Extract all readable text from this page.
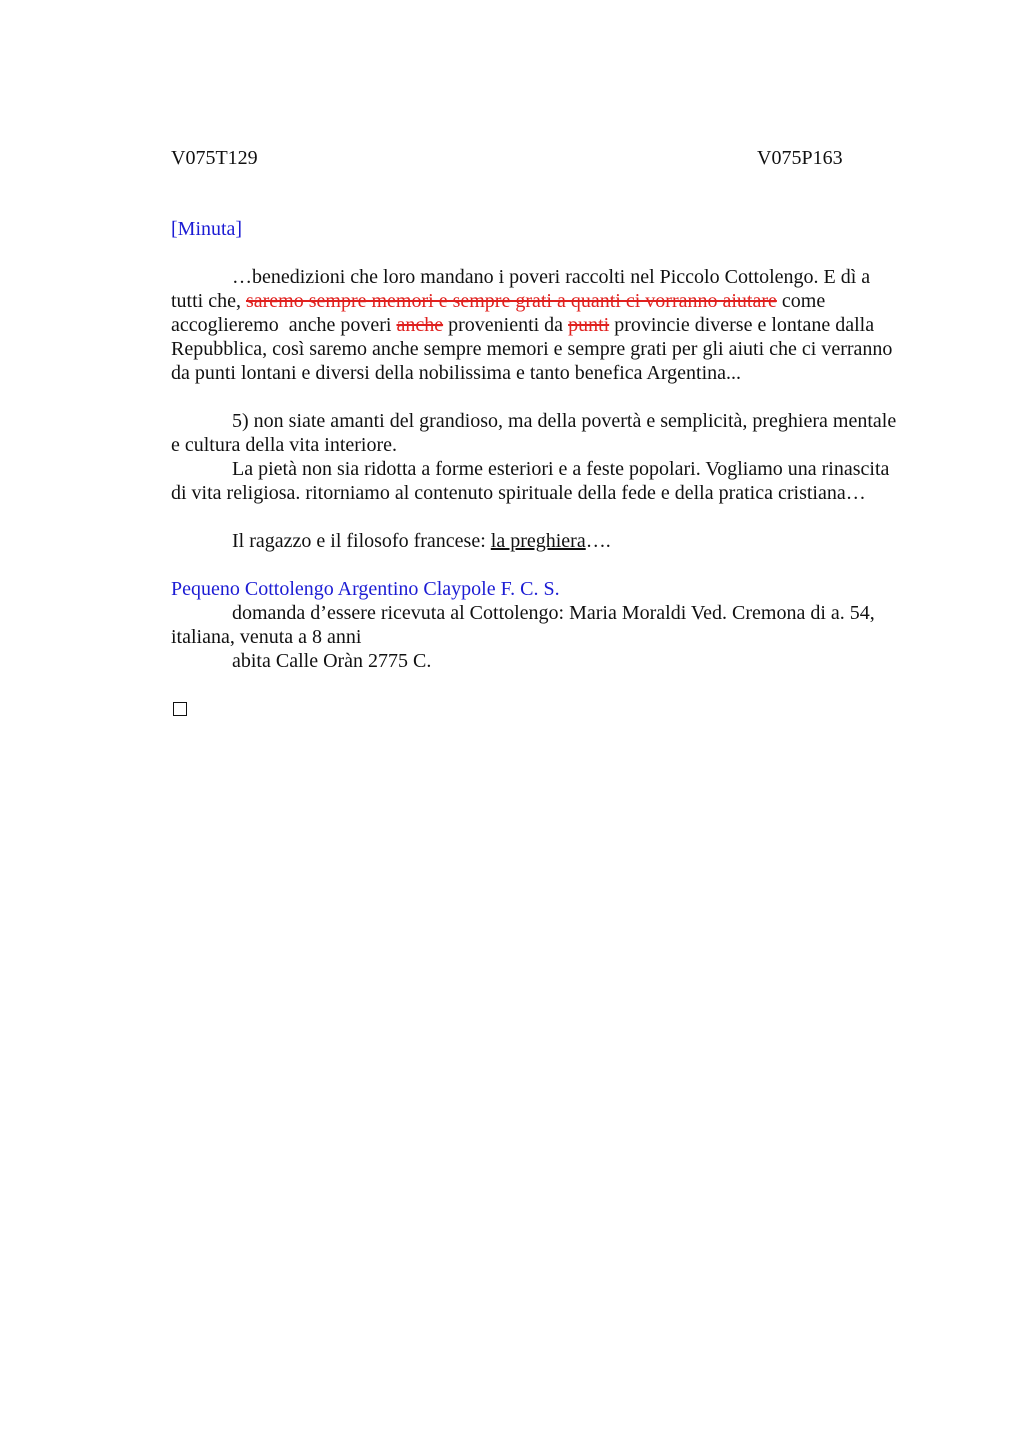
V075T129	V075P163
[Minuta]
…benedizioni che loro mandano i poveri raccolti nel Piccolo Cottolengo. E dì a
tutti che, saremo sempre memori e sempre grati a quanti ci vorranno aiutare come
accoglieremo  anche poveri anche provenienti da punti provincie diverse e lontane dalla
Repubblica, così saremo anche sempre memori e sempre grati per gli aiuti che ci verranno
da punti lontani e diversi della nobilissima e tanto benefica Argentina...
5) non siate amanti del grandioso, ma della povertà e semplicità, preghiera mentale
e cultura della vita interiore.
La pietà non sia ridotta a forme esteriori e a feste popolari. Vogliamo una rinascita
di vita religiosa. ritorniamo al contenuto spirituale della fede e della pratica cristiana…
Il ragazzo e il filosofo francese: la preghiera….
Pequeno Cottolengo Argentino Claypole F. C. S.
domanda d’essere ricevuta al Cottolengo: Maria Moraldi Ved. Cremona di a. 54,
italiana, venuta a 8 anni
abita Calle Oràn 2775 C.
